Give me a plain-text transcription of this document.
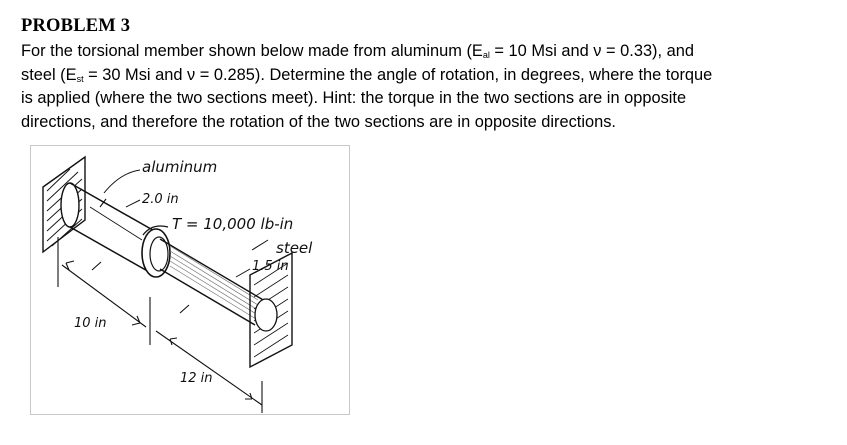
PROBLEM 3
For the torsional member shown below made from aluminum ($E_{al} = 10$ Msi and ν = 0.33), and
steel ($E_{st} = 30$ Msi and ν = 0.285). Determine the angle of rotation, in degrees, where the torque
is applied (where the two sections meet). Hint: the torque in the two sections are in opposite
directions, and therefore the rotation of the two sections are in opposite directions.
aluminum
2.0 in
T = 10,000 lb-in
steel
1.5 in
10 in
12 in
